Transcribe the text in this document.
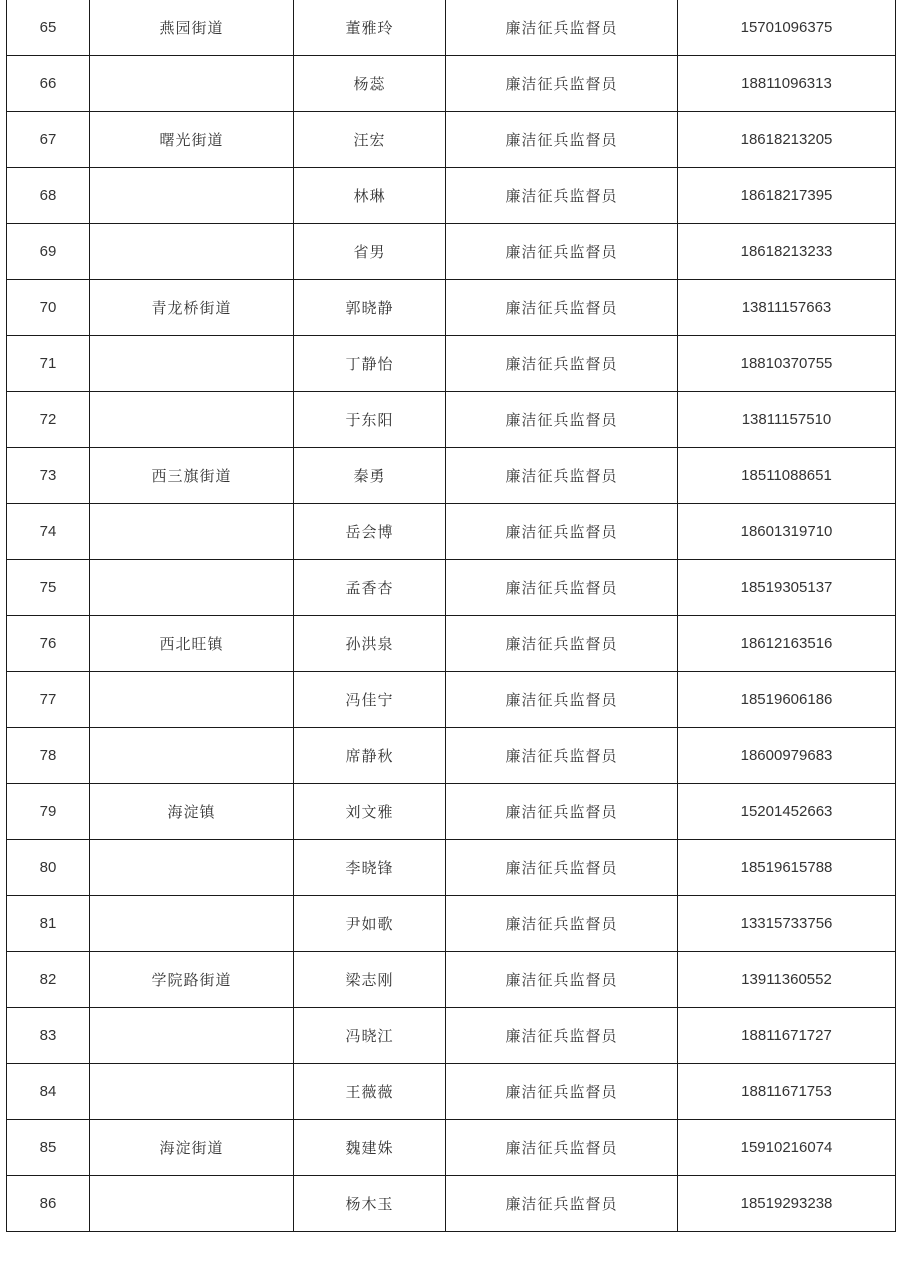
65	燕园街道	董雅玲	廉洁征兵监督员	15701096375
66		杨蕊	廉洁征兵监督员	18811096313
67	曙光街道	汪宏	廉洁征兵监督员	18618213205
68		林琳	廉洁征兵监督员	18618217395
69		省男	廉洁征兵监督员	18618213233
70	青龙桥街道	郭晓静	廉洁征兵监督员	13811157663
71		丁静怡	廉洁征兵监督员	18810370755
72		于东阳	廉洁征兵监督员	13811157510
73	西三旗街道	秦勇	廉洁征兵监督员	18511088651
74		岳会博	廉洁征兵监督员	18601319710
75		孟香杏	廉洁征兵监督员	18519305137
76	西北旺镇	孙洪泉	廉洁征兵监督员	18612163516
77		冯佳宁	廉洁征兵监督员	18519606186
78		席静秋	廉洁征兵监督员	18600979683
79	海淀镇	刘文雅	廉洁征兵监督员	15201452663
80		李晓锋	廉洁征兵监督员	18519615788
81		尹如歌	廉洁征兵监督员	13315733756
82	学院路街道	梁志刚	廉洁征兵监督员	13911360552
83		冯晓江	廉洁征兵监督员	18811671727
84		王薇薇	廉洁征兵监督员	18811671753
85	海淀街道	魏建姝	廉洁征兵监督员	15910216074
86		杨木玉	廉洁征兵监督员	18519293238
